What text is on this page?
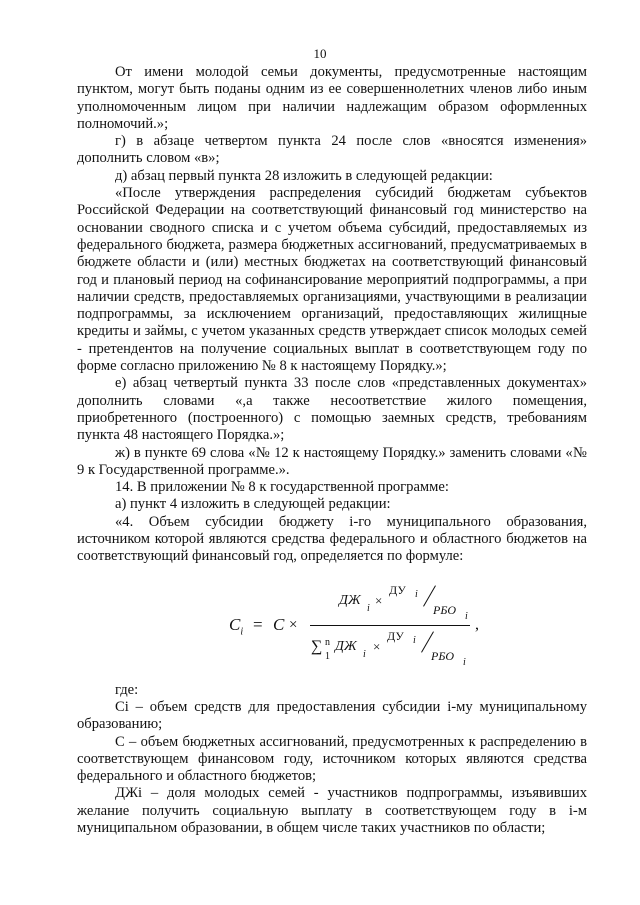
10

От имени молодой семьи документы, предусмотренные настоящим пунктом, могут быть поданы одним из ее совершеннолетних членов либо иным уполномоченным лицом при наличии надлежащим образом оформленных полномочий.»;

г) в абзаце четвертом пункта 24 после слов «вносятся изменения» дополнить словом «в»;

д) абзац первый пункта 28 изложить в следующей редакции:

«После утверждения распределения субсидий бюджетам субъектов Российской Федерации на соответствующий финансовый год министерство на основании сводного списка и с учетом объема субсидий, предоставляемых из федерального бюджета, размера бюджетных ассигнований, предусматриваемых в бюджете области и (или) местных бюджетах на соответствующий финансовый год и плановый период на софинансирование мероприятий подпрограммы, а при наличии средств, предоставляемых организациями, участвующими в реализации подпрограммы, за исключением организаций, предоставляющих жилищные кредиты и займы, с учетом указанных средств утверждает список молодых семей - претендентов на получение социальных выплат в соответствующем году по форме согласно приложению № 8 к настоящему Порядку.»;

е) абзац четвертый пункта 33 после слов «представленных документах» дополнить словами «,а также несоответствие жилого помещения, приобретенного (построенного) с помощью заемных средств, требованиям пункта 48 настоящего Порядка.»;

ж) в пункте 69 слова «№ 12 к настоящему Порядку.» заменить словами «№ 9 к Государственной программе.».

14. В приложении № 8 к государственной программе:

а) пункт 4 изложить в следующей редакции:

«4. Объем субсидии бюджету i-го муниципального образования, источником которой являются средства федерального и областного бюджетов на соответствующий финансовый год, определяется по формуле:

$C_i = C$ ×
ДЖ
i
×
ДУ i
РБО i
∑ n
1
ДЖ
i
×
ДУ i
РБО i
,

где:

Ci – объем средств для предоставления субсидии i-му муниципальному образованию;

С – объем бюджетных ассигнований, предусмотренных к распределению в соответствующем финансовом году, источником которых являются средства федерального и областного бюджетов;

ДЖi – доля молодых семей - участников подпрограммы, изъявивших желание получить социальную выплату в соответствующем году в i-м муниципальном образовании, в общем числе таких участников по области;
